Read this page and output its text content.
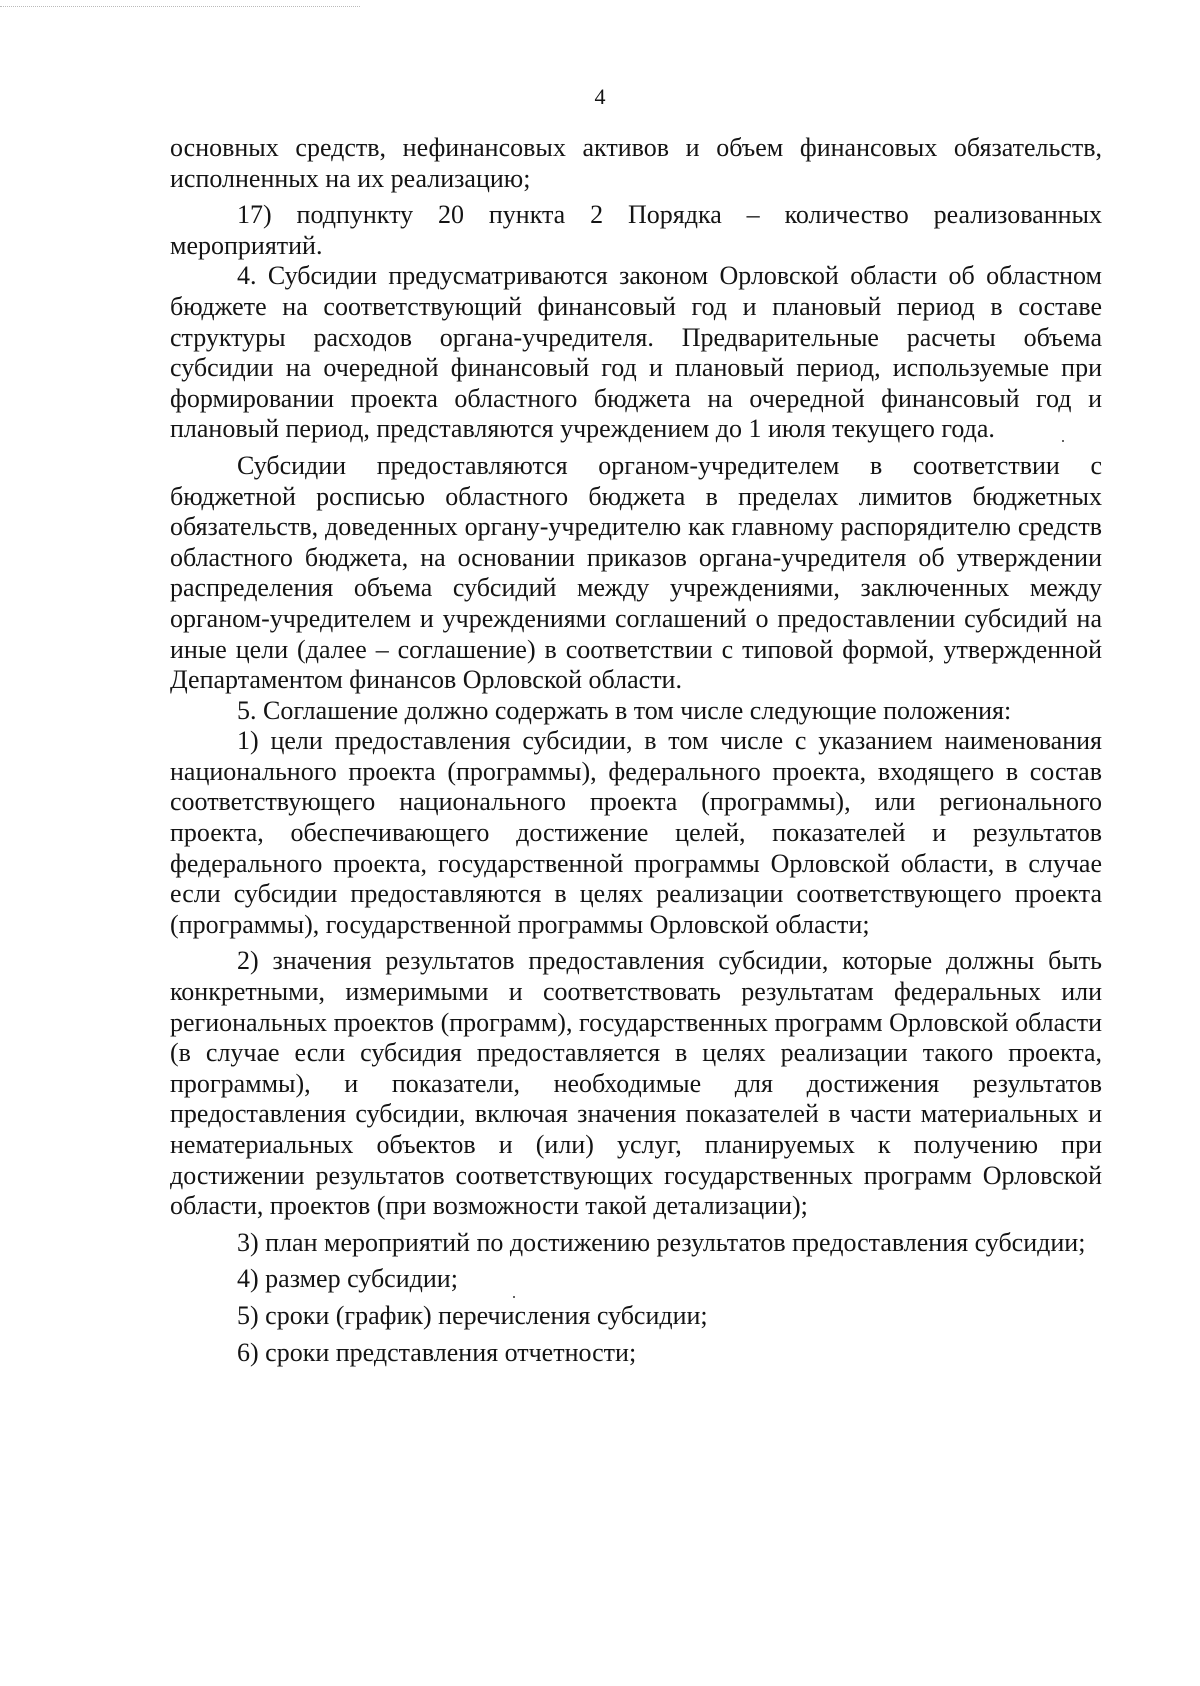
4

основных средств, нефинансовых активов и объем финансовых обязательств, исполненных на их реализацию;

17) подпункту 20 пункта 2 Порядка – количество реализованных мероприятий.

4. Субсидии предусматриваются законом Орловской области об областном бюджете на соответствующий финансовый год и плановый период в составе структуры расходов органа-учредителя. Предварительные расчеты объема субсидии на очередной финансовый год и плановый период, используемые при формировании проекта областного бюджета на очередной финансовый год и плановый период, представляются учреждением до 1 июля текущего года.

Субсидии предоставляются органом-учредителем в соответствии с бюджетной росписью областного бюджета в пределах лимитов бюджетных обязательств, доведенных органу-учредителю как главному распорядителю средств областного бюджета, на основании приказов органа-учредителя об утверждении распределения объема субсидий между учреждениями, заключенных между органом-учредителем и учреждениями соглашений о предоставлении субсидий на иные цели (далее – соглашение) в соответствии с типовой формой, утвержденной Департаментом финансов Орловской области.

5. Соглашение должно содержать в том числе следующие положения:

1) цели предоставления субсидии, в том числе с указанием наименования национального проекта (программы), федерального проекта, входящего в состав соответствующего национального проекта (программы), или регионального проекта, обеспечивающего достижение целей, показателей и результатов федерального проекта, государственной программы Орловской области, в случае если субсидии предоставляются в целях реализации соответствующего проекта (программы), государственной программы Орловской области;

2) значения результатов предоставления субсидии, которые должны быть конкретными, измеримыми и соответствовать результатам федеральных или региональных проектов (программ), государственных программ Орловской области (в случае если субсидия предоставляется в целях реализации такого проекта, программы), и показатели, необходимые для достижения результатов предоставления субсидии, включая значения показателей в части материальных и нематериальных объектов и (или) услуг, планируемых к получению при достижении результатов соответствующих государственных программ Орловской области, проектов (при возможности такой детализации);

3) план мероприятий по достижению результатов предоставления субсидии;

4) размер субсидии;

5) сроки (график) перечисления субсидии;

6) сроки представления отчетности;
